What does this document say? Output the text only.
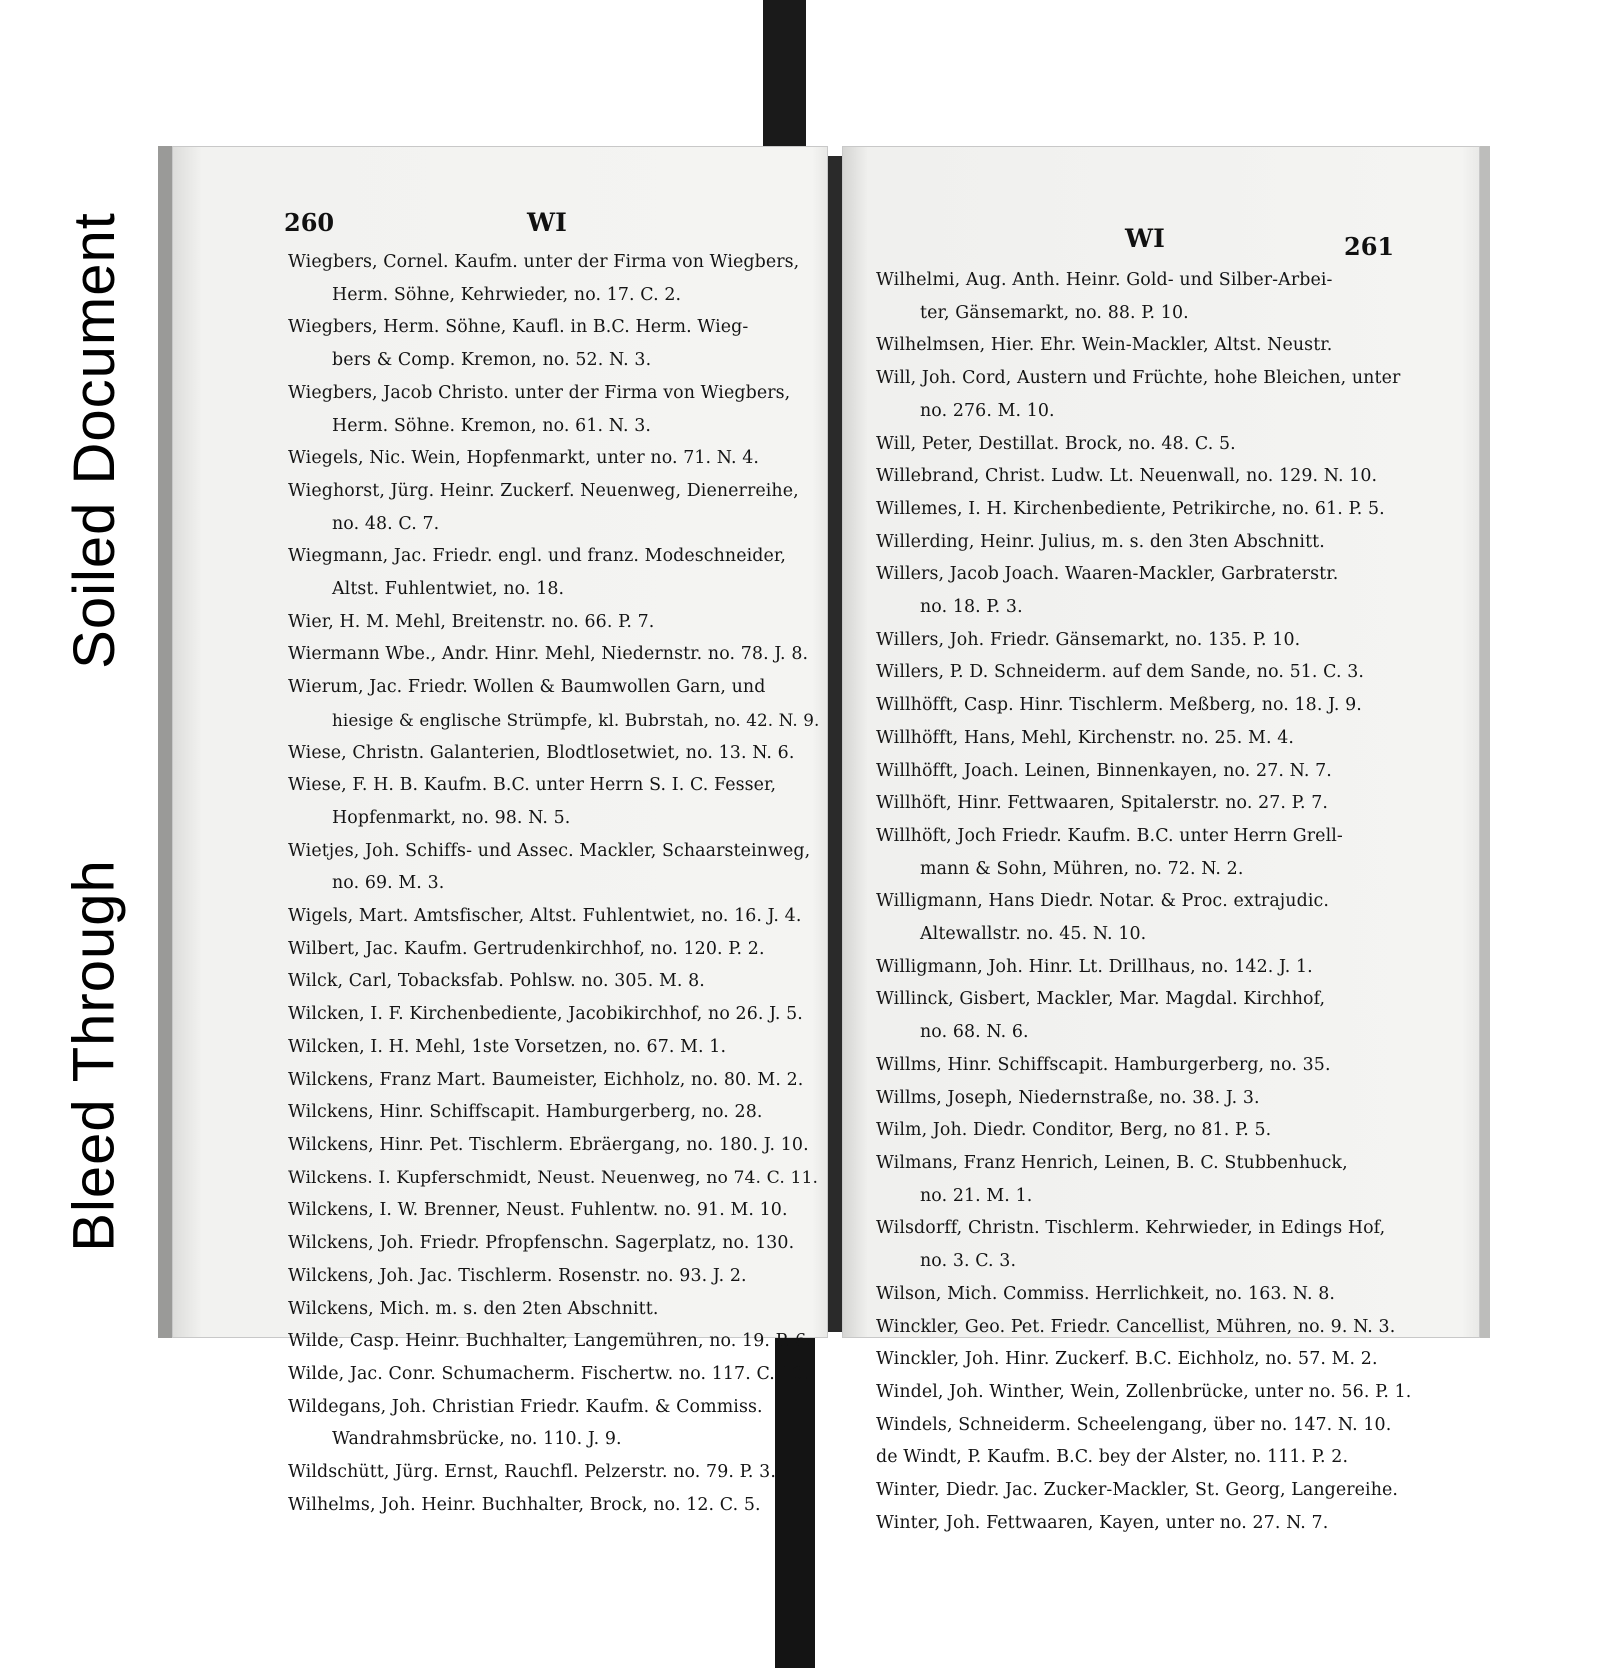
Soiled Document
Bleed Through
260	WI
Wiegbers, Cornel. Kaufm. unter der Firma von Wiegbers,
Herm. Söhne, Kehrwieder, no. 17. C. 2.
Wiegbers, Herm. Söhne, Kaufl. in B.C. Herm. Wieg-
bers & Comp. Kremon, no. 52. N. 3.
Wiegbers, Jacob Christo. unter der Firma von Wiegbers,
Herm. Söhne. Kremon, no. 61. N. 3.
Wiegels, Nic. Wein, Hopfenmarkt, unter no. 71. N. 4.
Wieghorst, Jürg. Heinr. Zuckerf. Neuenweg, Dienerreihe,
no. 48. C. 7.
Wiegmann, Jac. Friedr. engl. und franz. Modeschneider,
Altst. Fuhlentwiet, no. 18.
Wier, H. M. Mehl, Breitenstr. no. 66. P. 7.
Wiermann Wbe., Andr. Hinr. Mehl, Niedernstr. no. 78. J. 8.
Wierum, Jac. Friedr. Wollen & Baumwollen Garn, und
hiesige & englische Strümpfe, kl. Bubrstah, no. 42. N. 9.
Wiese, Christn. Galanterien, Blodtlosetwiet, no. 13. N. 6.
Wiese, F. H. B. Kaufm. B.C. unter Herrn S. I. C. Fesser,
Hopfenmarkt, no. 98. N. 5.
Wietjes, Joh. Schiffs- und Assec. Mackler, Schaarsteinweg,
no. 69. M. 3.
Wigels, Mart. Amtsfischer, Altst. Fuhlentwiet, no. 16. J. 4.
Wilbert, Jac. Kaufm. Gertrudenkirchhof, no. 120. P. 2.
Wilck, Carl, Tobacksfab. Pohlsw. no. 305. M. 8.
Wilcken, I. F. Kirchenbediente, Jacobikirchhof, no 26. J. 5.
Wilcken, I. H. Mehl, 1ste Vorsetzen, no. 67. M. 1.
Wilckens, Franz Mart. Baumeister, Eichholz, no. 80. M. 2.
Wilckens, Hinr. Schiffscapit. Hamburgerberg, no. 28.
Wilckens, Hinr. Pet. Tischlerm. Ebräergang, no. 180. J. 10.
Wilckens. I. Kupferschmidt, Neust. Neuenweg, no 74. C. 11.
Wilckens, I. W. Brenner, Neust. Fuhlentw. no. 91. M. 10.
Wilckens, Joh. Friedr. Pfropfenschn. Sagerplatz, no. 130.
Wilckens, Joh. Jac. Tischlerm. Rosenstr. no. 93. J. 2.
Wilckens, Mich. m. s. den 2ten Abschnitt.
Wilde, Casp. Heinr. Buchhalter, Langemühren, no. 19. P. 6.
Wilde, Jac. Conr. Schumacherm. Fischertw. no. 117. C. 10.
Wildegans, Joh. Christian Friedr. Kaufm. & Commiss.
Wandrahmsbrücke, no. 110. J. 9.
Wildschütt, Jürg. Ernst, Rauchfl. Pelzerstr. no. 79. P. 3.
Wilhelms, Joh. Heinr. Buchhalter, Brock, no. 12. C. 5.
WI	261
Wilhelmi, Aug. Anth. Heinr. Gold- und Silber-Arbei-
ter, Gänsemarkt, no. 88. P. 10.
Wilhelmsen, Hier. Ehr. Wein-Mackler, Altst. Neustr.
Will, Joh. Cord, Austern und Früchte, hohe Bleichen, unter
no. 276. M. 10.
Will, Peter, Destillat. Brock, no. 48. C. 5.
Willebrand, Christ. Ludw. Lt. Neuenwall, no. 129. N. 10.
Willemes, I. H. Kirchenbediente, Petrikirche, no. 61. P. 5.
Willerding, Heinr. Julius, m. s. den 3ten Abschnitt.
Willers, Jacob Joach. Waaren-Mackler, Garbraterstr.
no. 18. P. 3.
Willers, Joh. Friedr. Gänsemarkt, no. 135. P. 10.
Willers, P. D. Schneiderm. auf dem Sande, no. 51. C. 3.
Willhöfft, Casp. Hinr. Tischlerm. Meßberg, no. 18. J. 9.
Willhöfft, Hans, Mehl, Kirchenstr. no. 25. M. 4.
Willhöfft, Joach. Leinen, Binnenkayen, no. 27. N. 7.
Willhöft, Hinr. Fettwaaren, Spitalerstr. no. 27. P. 7.
Willhöft, Joch Friedr. Kaufm. B.C. unter Herrn Grell-
mann & Sohn, Mühren, no. 72. N. 2.
Willigmann, Hans Diedr. Notar. & Proc. extrajudic.
Altewallstr. no. 45. N. 10.
Willigmann, Joh. Hinr. Lt. Drillhaus, no. 142. J. 1.
Willinck, Gisbert, Mackler, Mar. Magdal. Kirchhof,
no. 68. N. 6.
Willms, Hinr. Schiffscapit. Hamburgerberg, no. 35.
Willms, Joseph, Niedernstraße, no. 38. J. 3.
Wilm, Joh. Diedr. Conditor, Berg, no 81. P. 5.
Wilmans, Franz Henrich, Leinen, B. C. Stubbenhuck,
no. 21. M. 1.
Wilsdorff, Christn. Tischlerm. Kehrwieder, in Edings Hof,
no. 3. C. 3.
Wilson, Mich. Commiss. Herrlichkeit, no. 163. N. 8.
Winckler, Geo. Pet. Friedr. Cancellist, Mühren, no. 9. N. 3.
Winckler, Joh. Hinr. Zuckerf. B.C. Eichholz, no. 57. M. 2.
Windel, Joh. Winther, Wein, Zollenbrücke, unter no. 56. P. 1.
Windels, Schneiderm. Scheelengang, über no. 147. N. 10.
de Windt, P. Kaufm. B.C. bey der Alster, no. 111. P. 2.
Winter, Diedr. Jac. Zucker-Mackler, St. Georg, Langereihe.
Winter, Joh. Fettwaaren, Kayen, unter no. 27. N. 7.
